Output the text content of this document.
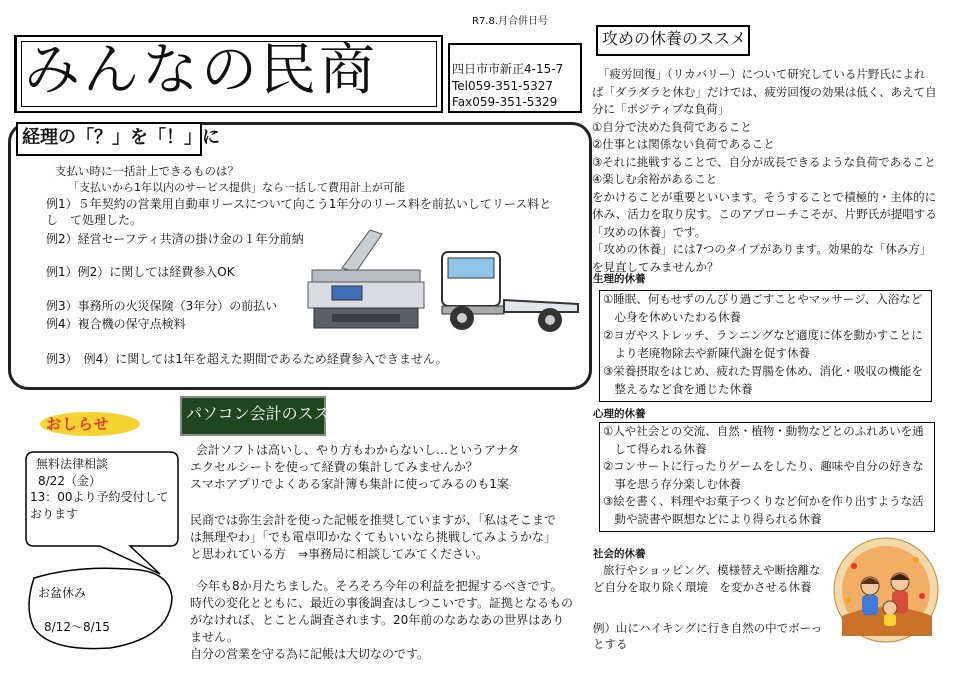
みんなの民商
R7.8.月合併日号
四日市市新正4-15-7
Tel059-351-5327
Fax059-351-5329
経理の「？」を「！」に
支払い時に一括計上できるものは？
「支払いから1年以内のサービス提供」なら一括して費用計上が可能
例1）５年契約の営業用自動車リースについて向こう1年分のリース料を前払いしてリース料と
し　て処理した。
例2）経営セーフティ共済の掛け金の１年分前納
例1）例2）に関しては経費参入OK
例3）事務所の火災保険（3年分）の前払い
例4）複合機の保守点検料
例3）　例4）に関しては1年を超えた期間であるため経費参入できません。
おしらせ
パソコン会計のススメ
無料法律相談
8/22（金）
13：00より予約受付して
おります
お盆休み
8/12～8/15
会計ソフトは高いし、やり方もわからないし…というアナタ
エクセルシートを使って経費の集計してみませんか？
スマホアプリでよくある家計簿も集計に使ってみるのも1案
民商では弥生会計を使った記帳を推奨していますが、「私はそこまで
は無理やわ」「でも電卓叩かなくてもいいなら挑戦してみようかな」
と思われている方　⇒事務局に相談してみてください。
今年も8か月たちました。そろそろ今年の利益を把握するべきです。
時代の変化とともに、最近の事後調査はしつこいです。証拠となるもの
がなければ、とことん調査されます。20年前のなあなあの世界はあり
ません。
自分の営業を守る為に記帳は大切なのです。
攻めの休養のススメ
「疲労回復」（リカバリー）について研究している片野氏によれ
ば「ダラダラと休む」だけでは、疲労回復の効果は低く、あえて自
分に「ポジティブな負荷」
①自分で決めた負荷であること
②仕事とは関係ない負荷であること
③それに挑戦することで、自分が成長できるような負荷であること
④楽しむ余裕があること
をかけることが重要といいます。そうすることで積極的・主体的に
休み、活力を取り戻す。このアプローチこそが、片野氏が提唱する
「攻めの休養」です。
「攻めの休養」には7つのタイプがあります。効果的な「休み方」
を見直してみませんか？
生理的休養
①睡眠、何もせずのんびり過ごすことやマッサージ、入浴など
　心身を休めいたわる休養
②ヨガやストレッチ、ランニングなど適度に体を動かすことに
　より老廃物除去や新陳代謝を促す休養
③栄養摂取をはじめ、疲れた胃腸を休め、消化・吸収の機能を
　整えるなど食を通じた休養
心理的休養
①人や社会との交流、自然・植物・動物などとのふれあいを通
　して得られる休養
②コンサートに行ったりゲームをしたり、趣味や自分の好きな
　事を思う存分楽しむ休養
③絵を書く、料理やお菓子つくりなど何かを作り出すような活
　動や読書や瞑想などにより得られる休養
社会的休養
旅行やショッピング、模様替えや断捨離な
ど自分を取り除く環境　を変かさせる休養

例）山にハイキングに行き自然の中でボーっ
とする
